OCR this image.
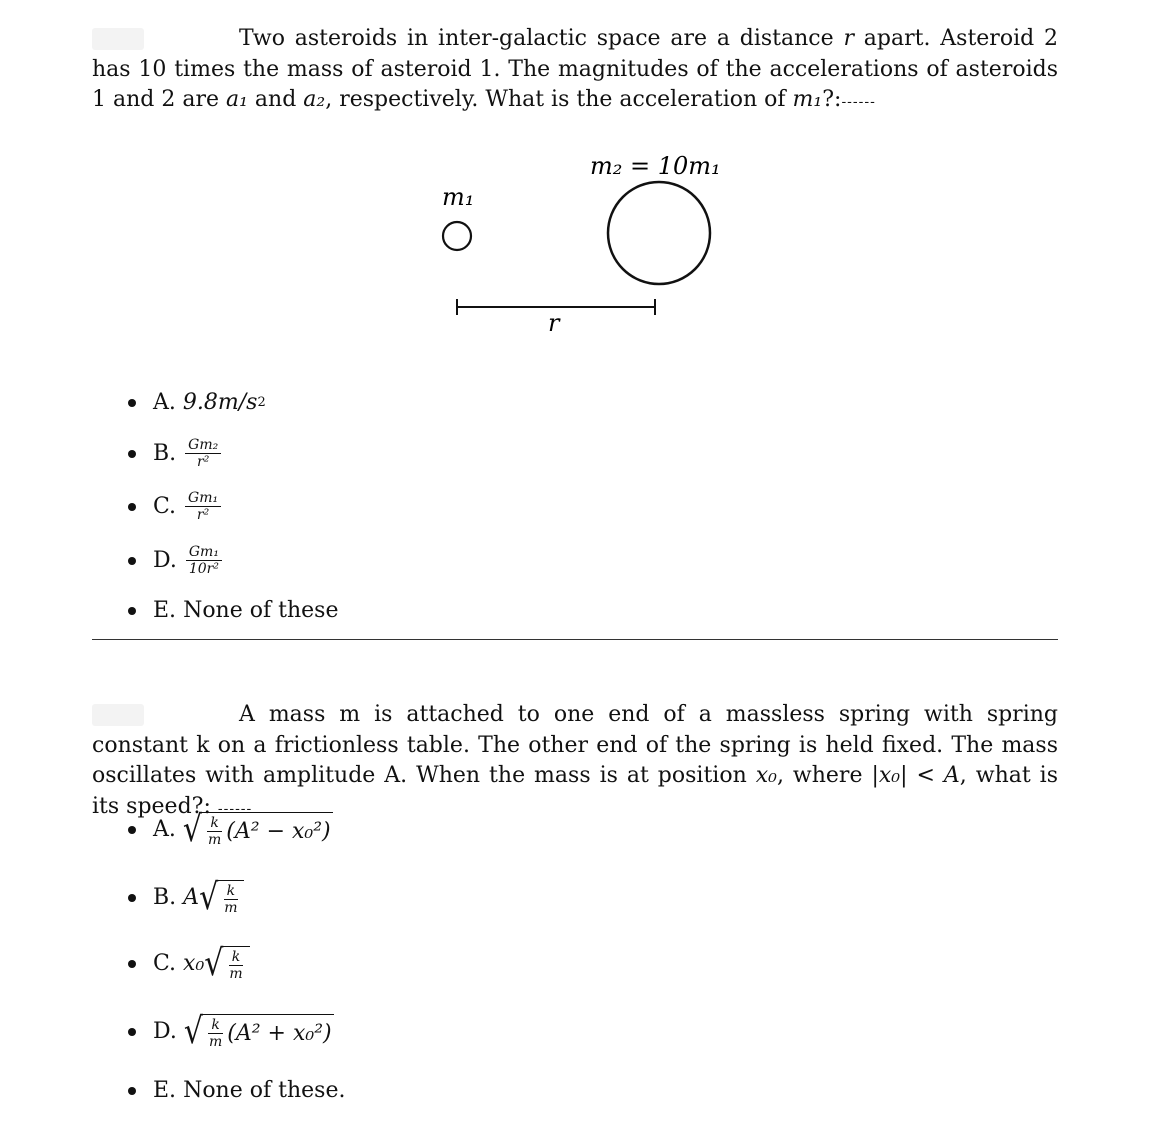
Two asteroids in inter-galactic space are a distance r apart. Asteroid 2 has 10 times the mass of asteroid 1. The magnitudes of the accelerations of asteroids 1 and 2 are a₁ and a₂, respectively. What is the acceleration of m₁?:------
m₁
m₂ = 10m₁
r
A.
9.8m/s 2
B.
$\frac{\text{Gm₂}}{\text{r²}}$
C.
$\frac{\text{Gm₁}}{\text{r²}}$
D.
$\frac{\text{Gm₁}}{\text{10r²}}$
E.
None of these
A mass m is attached to one end of a massless spring with spring constant k on a frictionless table. The other end of the spring is held fixed. The mass oscillates with amplitude A. When the mass is at position x₀, where |x₀| < A, what is its speed?: ------
A.
√ $\frac{k}{m} (A^2 - x_0^2)$
B.
A √ $\frac{k}{m}$
C.
x₀ √ $\frac{k}{m}$
D.
√ $\frac{k}{m} (A^2 + x_0^2)$
E.
None of these.
